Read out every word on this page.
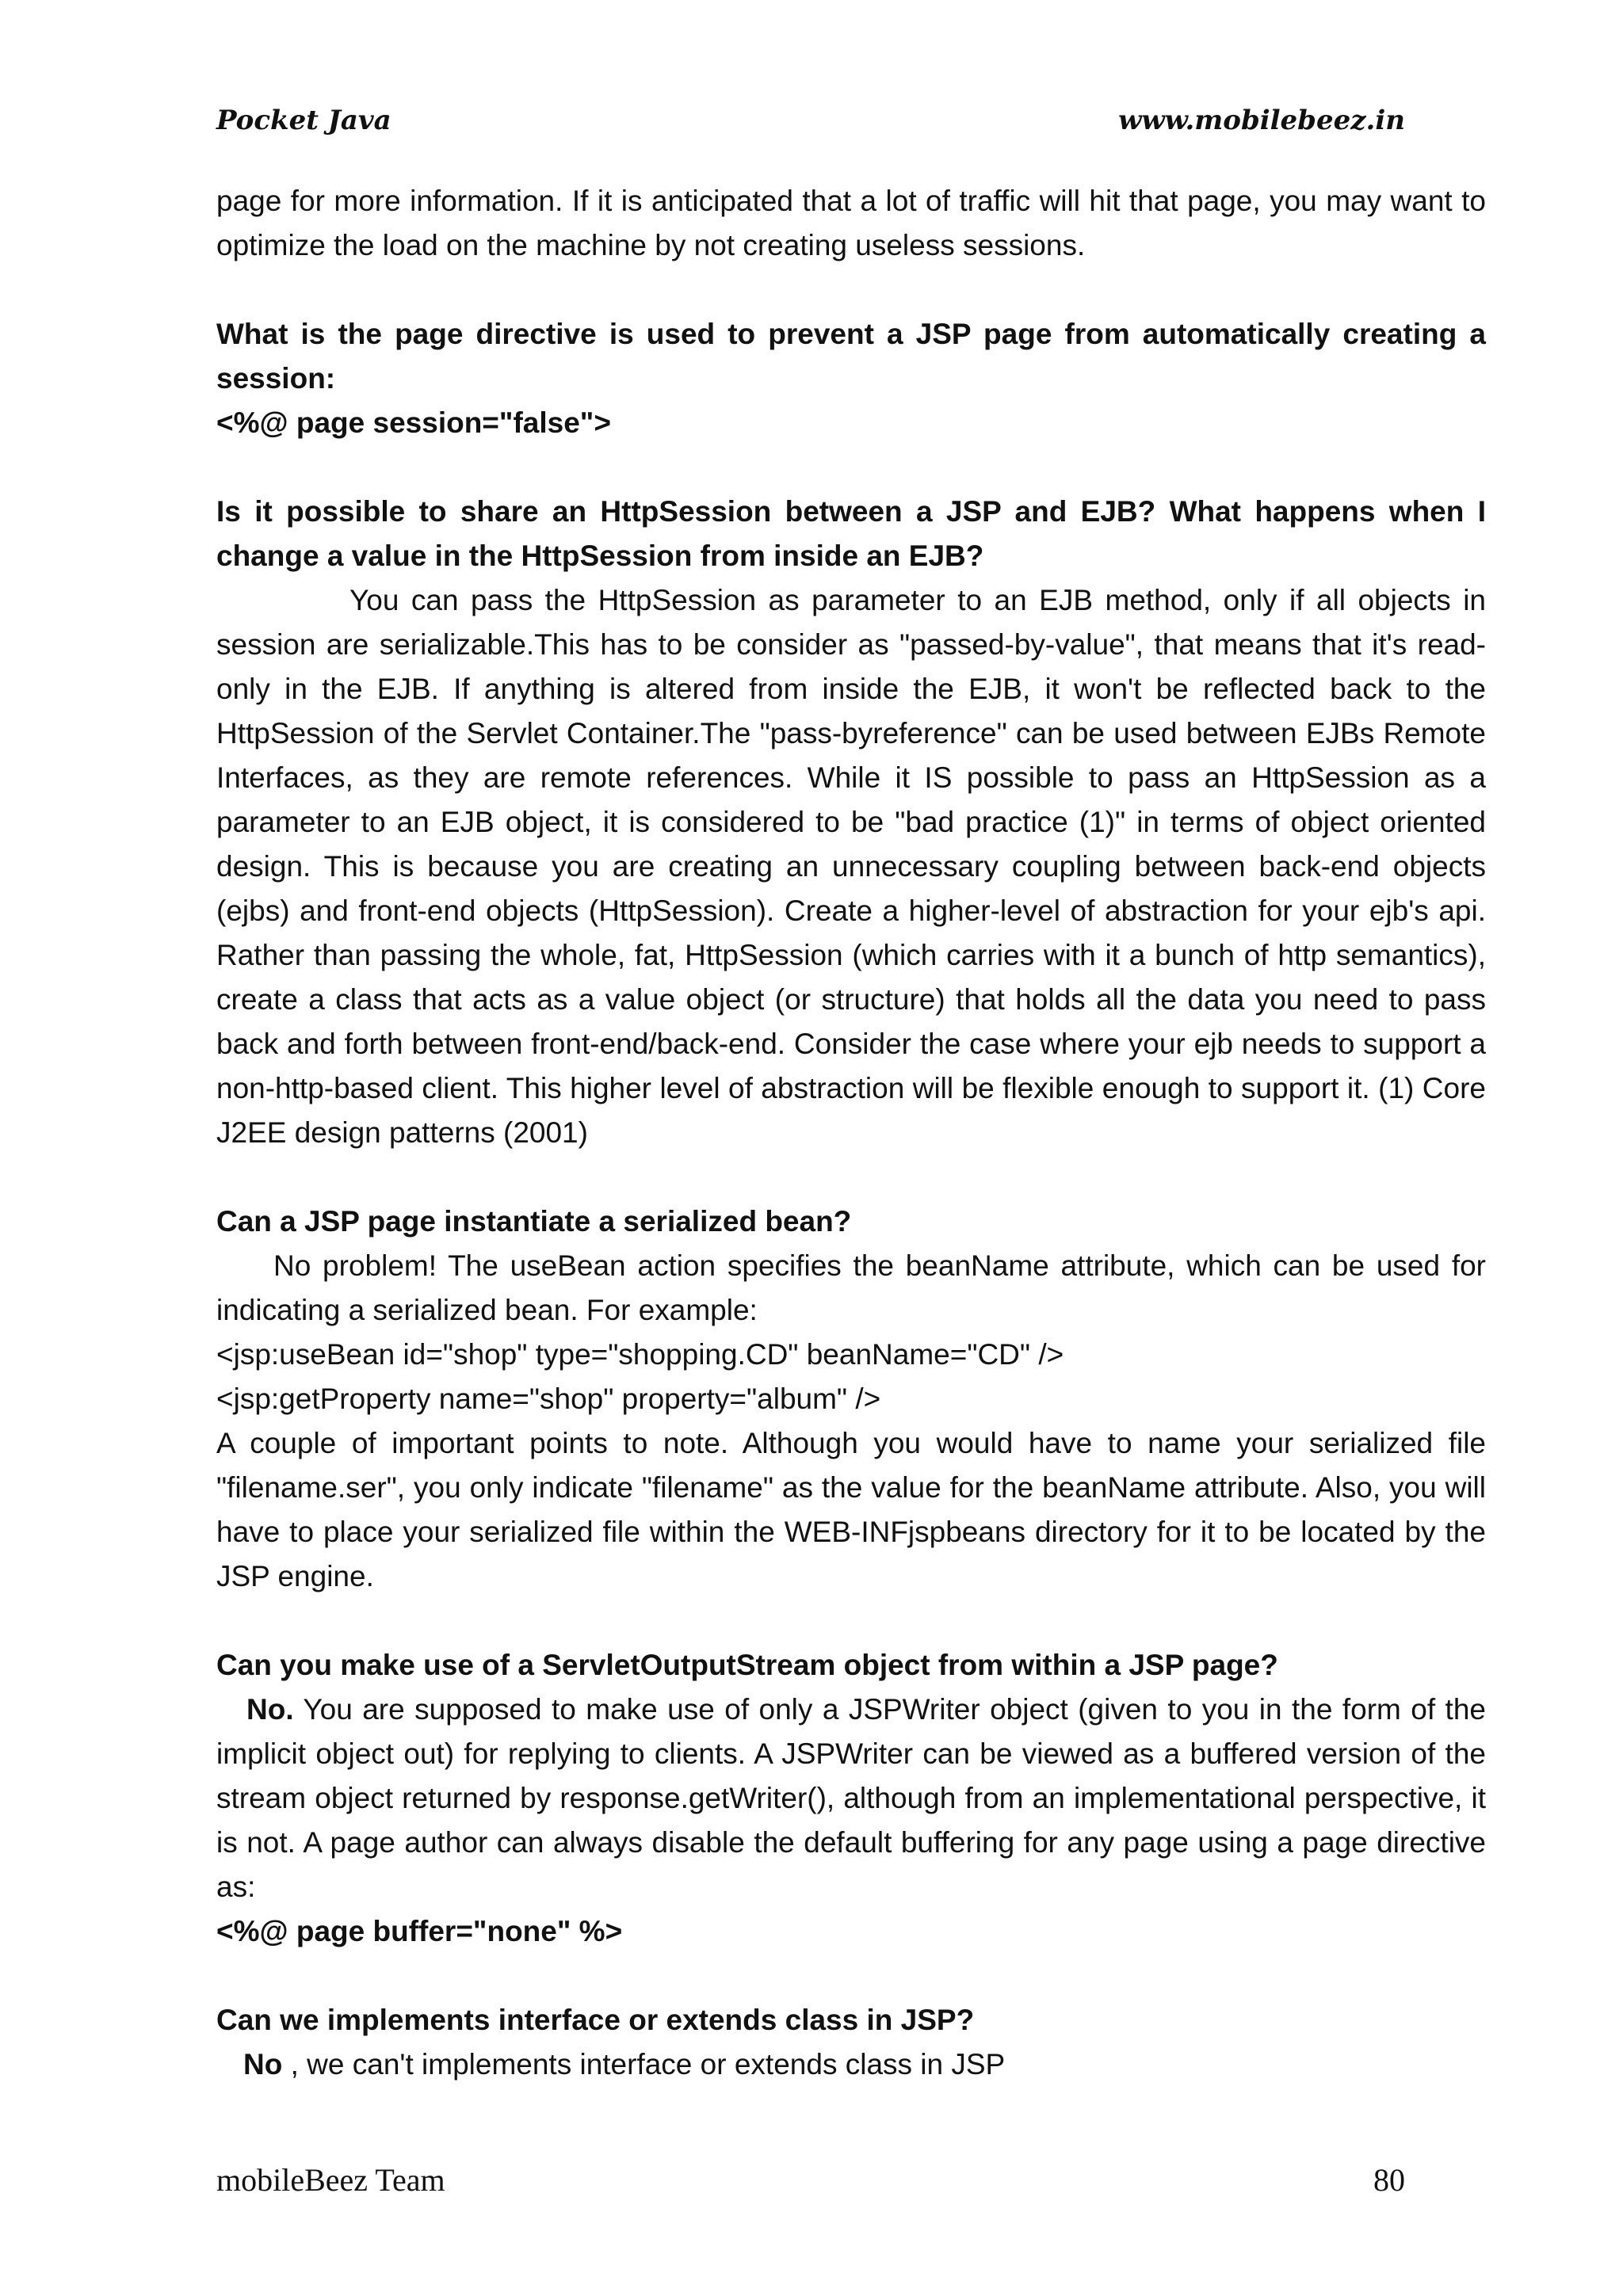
Pocket Java	www.mobilebeez.in

page for more information. If it is anticipated that a lot of traffic will hit that page, you may want to optimize the load on the machine by not creating useless sessions.

What is the page directive is used to prevent a JSP page from automatically creating a session:

<%@ page session="false">

Is it possible to share an HttpSession between a JSP and EJB? What happens when I change a value in the HttpSession from inside an EJB?

You can pass the HttpSession as parameter to an EJB method, only if all objects in session are serializable.This has to be consider as "passed-by-value", that means that it's read-only in the EJB. If anything is altered from inside the EJB, it won't be reflected back to the HttpSession of the Servlet Container.The "pass-byreference" can be used between EJBs Remote Interfaces, as they are remote references. While it IS possible to pass an HttpSession as a parameter to an EJB object, it is considered to be "bad practice (1)" in terms of object oriented design. This is because you are creating an unnecessary coupling between back-end objects (ejbs) and front-end objects (HttpSession). Create a higher-level of abstraction for your ejb's api. Rather than passing the whole, fat, HttpSession (which carries with it a bunch of http semantics), create a class that acts as a value object (or structure) that holds all the data you need to pass back and forth between front-end/back-end. Consider the case where your ejb needs to support a non-http-based client. This higher level of abstraction will be flexible enough to support it. (1) Core J2EE design patterns (2001)

Can a JSP page instantiate a serialized bean?

No problem! The useBean action specifies the beanName attribute, which can be used for indicating a serialized bean. For example:

<jsp:useBean id="shop" type="shopping.CD" beanName="CD" />

<jsp:getProperty name="shop" property="album" />

A couple of important points to note. Although you would have to name your serialized file "filename.ser", you only indicate "filename" as the value for the beanName attribute. Also, you will have to place your serialized file within the WEB-INFjspbeans directory for it to be located by the JSP engine.

Can you make use of a ServletOutputStream object from within a JSP page?

No. You are supposed to make use of only a JSPWriter object (given to you in the form of the implicit object out) for replying to clients. A JSPWriter can be viewed as a buffered version of the stream object returned by response.getWriter(), although from an implementational perspective, it is not. A page author can always disable the default buffering for any page using a page directive as:

<%@ page buffer="none" %>

Can we implements interface or extends class in JSP?

No , we can't implements interface or extends class in JSP

mobileBeez Team	80
